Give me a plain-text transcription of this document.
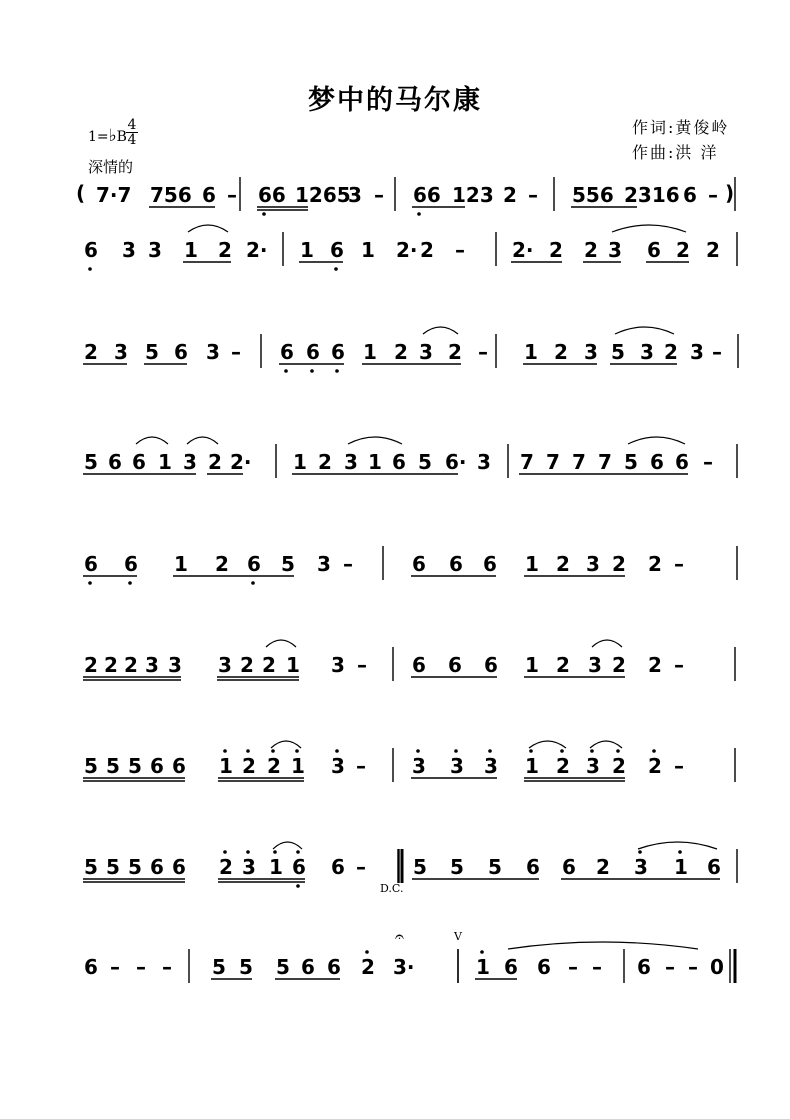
梦中的马尔康
1=♭B
4
4
深情的
作词:黄俊岭
作曲:洪 洋
(	)
7·7 756 6 – 66 1265
3 – 66 123 2 – 556 2316 6 –
6 3 3 1 2 2· 1 6 1 2· 2 – 2· 2 2 3 6 2 2
2 3 5 6 3 – 6 6 6 1 2 3 2 – 1 2 3 5 3 2 3 –
5 6 6 1 3 2 2· 1 2 3 1 6 5 6· 3 7 7 7 7 5 6 6 –
6 6 1 2 6 5 3 –	6 6 6 1 2 3 2 2 –
2 2 2 3 3 3 2 2 1 3 – 6 6 6 1 2 3 2 2 –
5 5 5 6 6 1 2 2 1 3 – 3 3 3 1 2 3 2 2 –
5 5 5 6 6 2 3 1 6 6 – 5 5 5 6 6 2 3 1 6
6 – – – 5 5 5 6 6 2 3·	1 6 6 – – 6 – – 0
D.C.
V
𝄐
